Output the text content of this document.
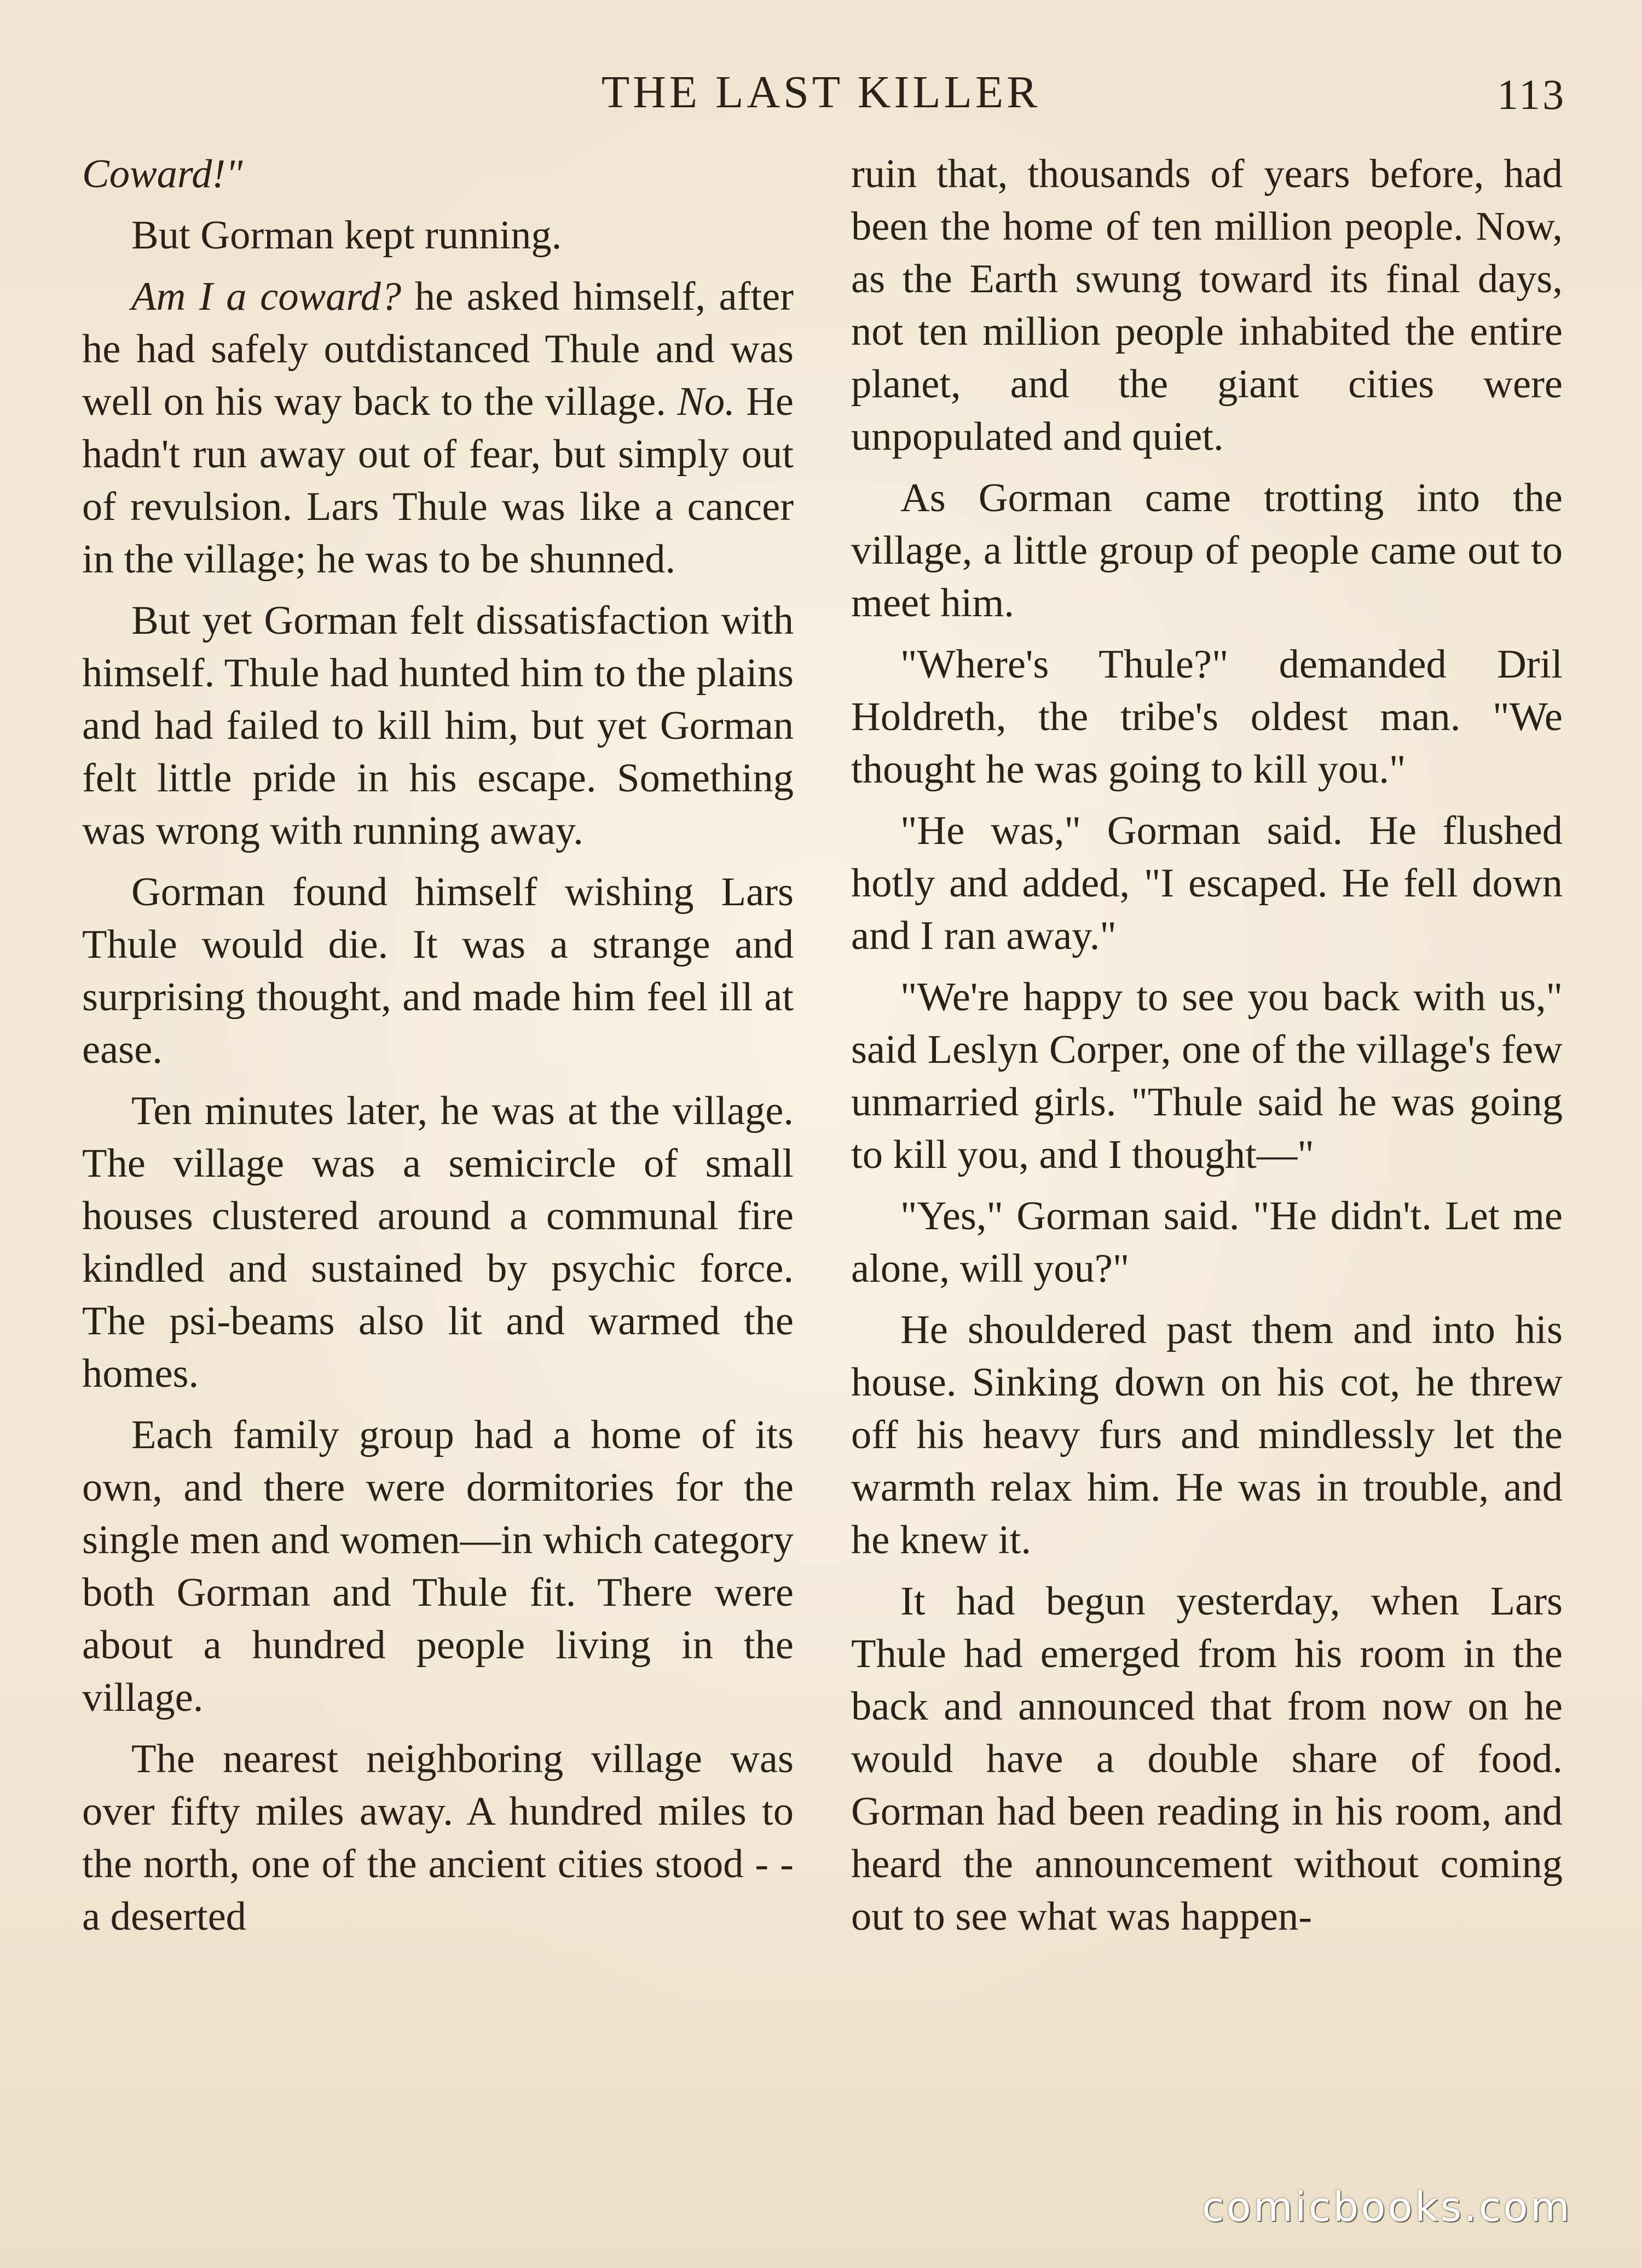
THE LAST KILLER	113

Coward!"

But Gorman kept running.

Am I a coward? he asked himself, after he had safely outdistanced Thule and was well on his way back to the village. No. He hadn't run away out of fear, but simply out of revulsion. Lars Thule was like a cancer in the village; he was to be shunned.

But yet Gorman felt dissatisfaction with himself. Thule had hunted him to the plains and had failed to kill him, but yet Gorman felt little pride in his escape. Something was wrong with running away.

Gorman found himself wishing Lars Thule would die. It was a strange and surprising thought, and made him feel ill at ease.

Ten minutes later, he was at the village. The village was a semicircle of small houses clustered around a communal fire kindled and sustained by psychic force. The psi-beams also lit and warmed the homes.

Each family group had a home of its own, and there were dormitories for the single men and women—in which category both Gorman and Thule fit. There were about a hundred people living in the village.

The nearest neighboring village was over fifty miles away. A hundred miles to the north, one of the ancient cities stood - - a deserted

ruin that, thousands of years before, had been the home of ten million people. Now, as the Earth swung toward its final days, not ten million people inhabited the entire planet, and the giant cities were unpopulated and quiet.

As Gorman came trotting into the village, a little group of people came out to meet him.

"Where's Thule?" demanded Dril Holdreth, the tribe's oldest man. "We thought he was going to kill you."

"He was," Gorman said. He flushed hotly and added, "I escaped. He fell down and I ran away."

"We're happy to see you back with us," said Leslyn Corper, one of the village's few unmarried girls. "Thule said he was going to kill you, and I thought—"

"Yes," Gorman said. "He didn't. Let me alone, will you?"

He shouldered past them and into his house. Sinking down on his cot, he threw off his heavy furs and mindlessly let the warmth relax him. He was in trouble, and he knew it.

It had begun yesterday, when Lars Thule had emerged from his room in the back and announced that from now on he would have a double share of food. Gorman had been reading in his room, and heard the announcement without coming out to see what was happen-

comicbooks.com
